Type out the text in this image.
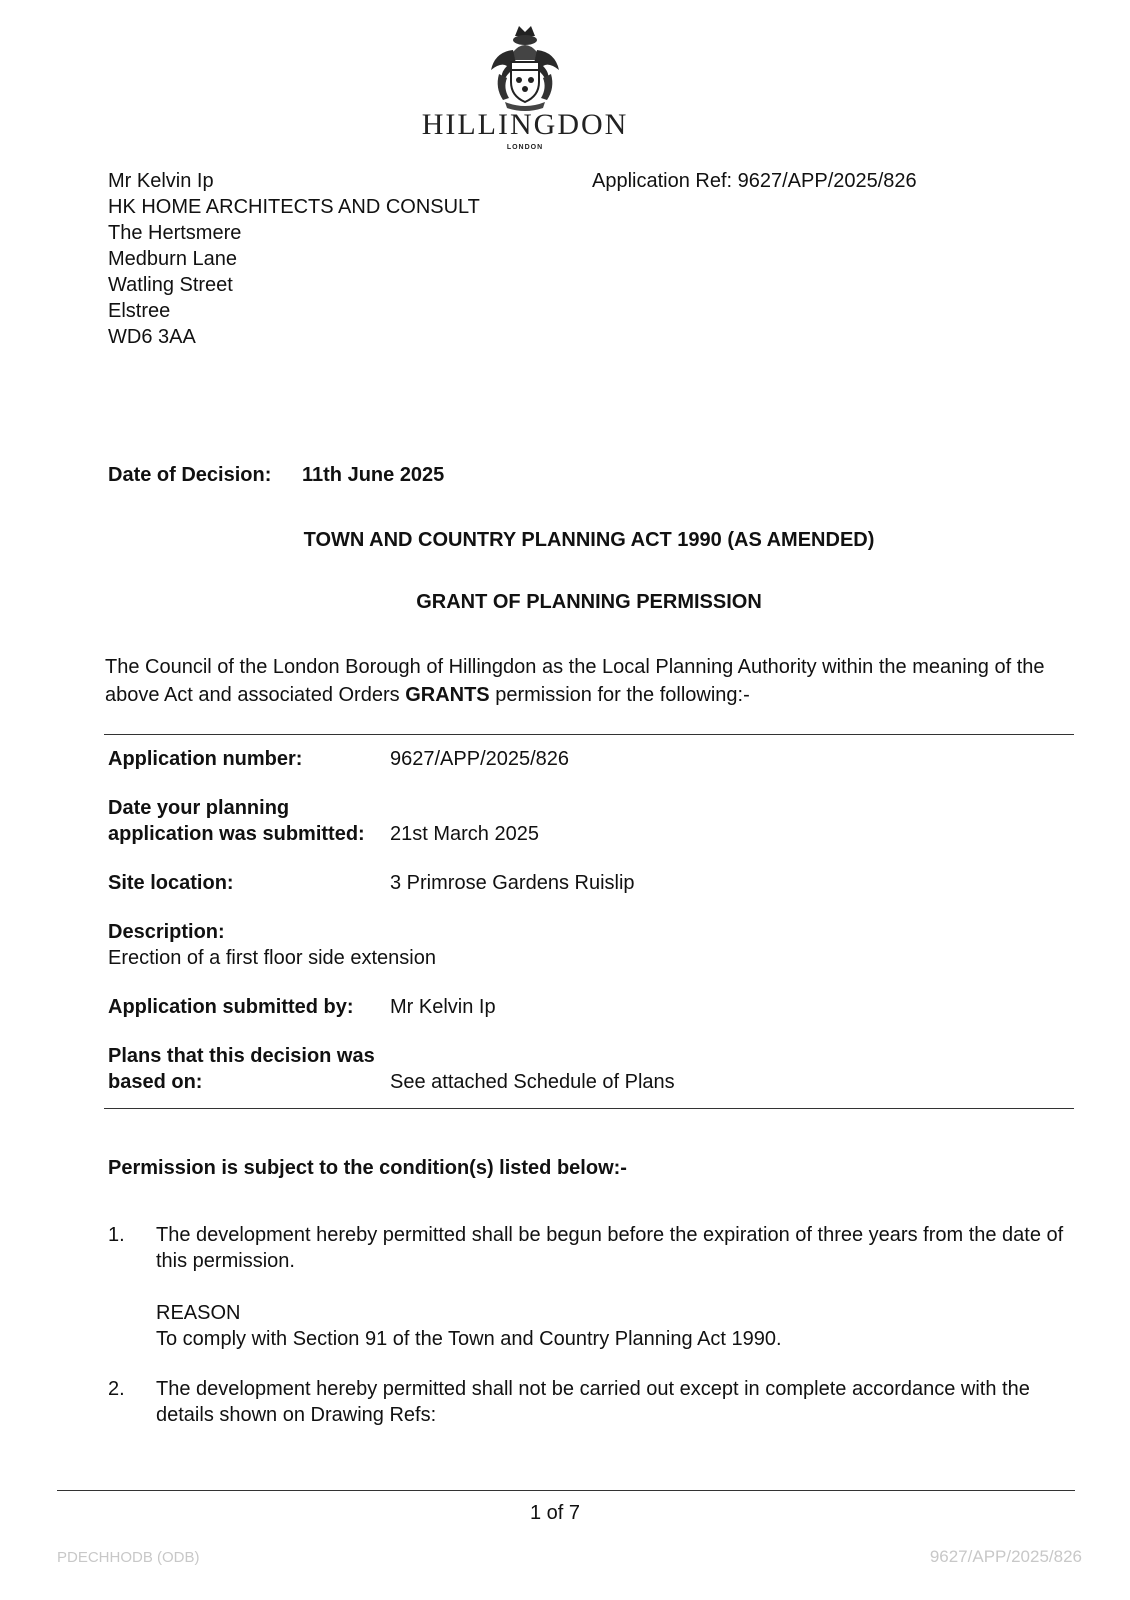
HILLINGDON
LONDON
Mr Kelvin Ip
HK HOME ARCHITECTS AND CONSULT
The Hertsmere
Medburn Lane
Watling Street
Elstree
WD6 3AA
Application Ref: 9627/APP/2025/826
Date of Decision: 11th June 2025
TOWN AND COUNTRY PLANNING ACT 1990 (AS AMENDED)
GRANT OF PLANNING PERMISSION
The Council of the London Borough of Hillingdon as the Local Planning Authority within the meaning of the above Act and associated Orders GRANTS permission for the following:-
Application number:	9627/APP/2025/826
Date your planning
application was submitted: 21st March 2025
Site location:	3 Primrose Gardens Ruislip
Description:
Erection of a first floor side extension
Application submitted by: Mr Kelvin Ip
Plans that this decision was
based on:	See attached Schedule of Plans
Permission is subject to the condition(s) listed below:-
1. The development hereby permitted shall be begun before the expiration of three years from the date of this permission.
REASON
To comply with Section 91 of the Town and Country Planning Act 1990.
2. The development hereby permitted shall not be carried out except in complete accordance with the details shown on Drawing Refs:
1 of 7
PDECHHODB (ODB)	9627/APP/2025/826
